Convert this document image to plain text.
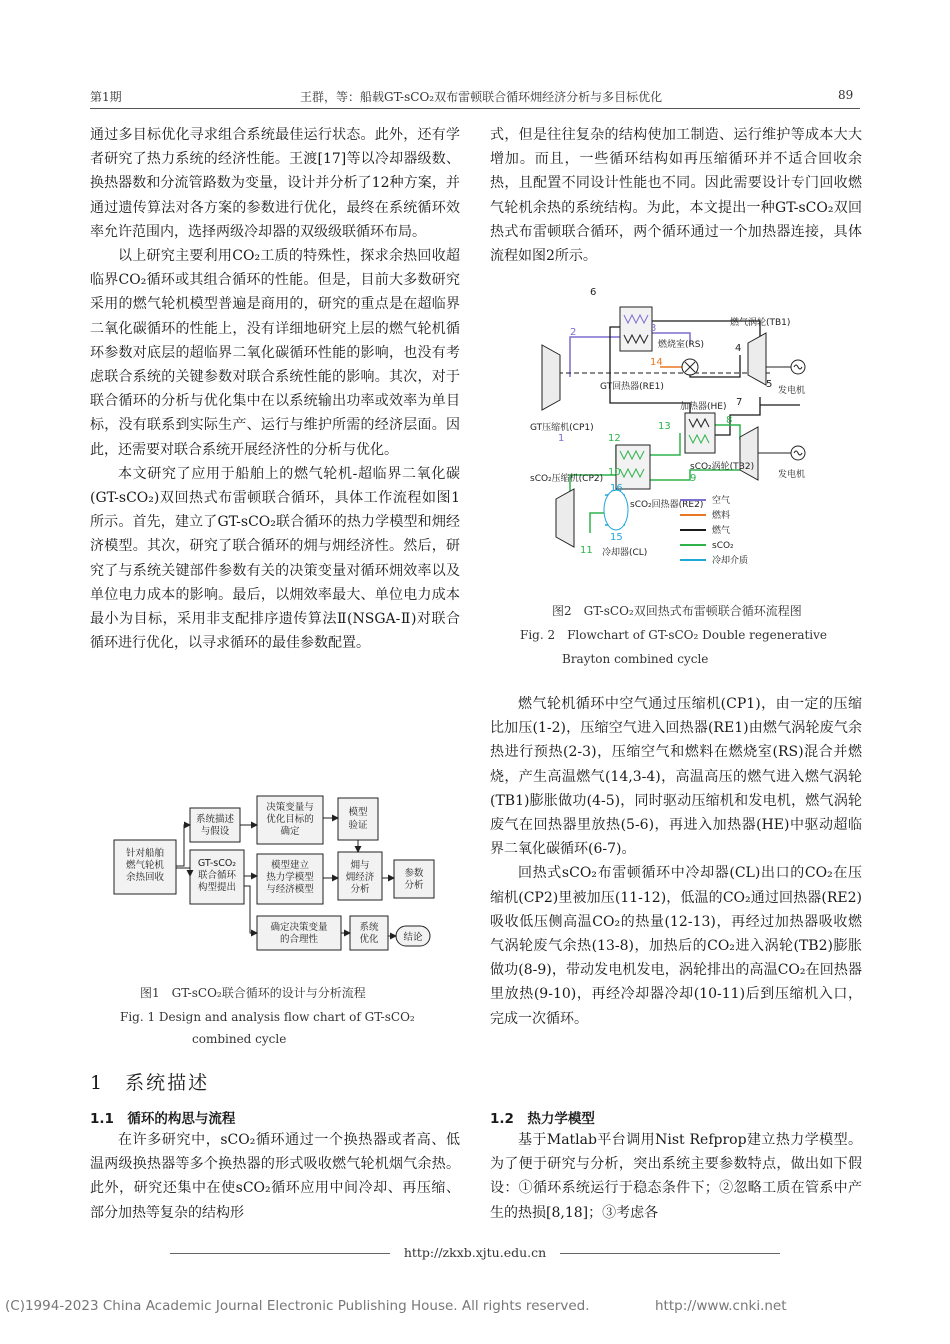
第1期	王群，等：船载GT-sCO₂双布雷顿联合循环㶲经济分析与多目标优化	89

通过多目标优化寻求组合系统最佳运行状态。此外，还有学者研究了热力系统的经济性能。王渡[17]等以冷却器级数、换热器数和分流管路数为变量，设计并分析了12种方案，并通过遗传算法对各方案的参数进行优化，最终在系统循环效率允许范围内，选择两级冷却器的双级级联循环布局。

以上研究主要利用CO₂工质的特殊性，探求余热回收超临界CO₂循环或其组合循环的性能。但是，目前大多数研究采用的燃气轮机模型普遍是商用的，研究的重点是在超临界二氧化碳循环的性能上，没有详细地研究上层的燃气轮机循环参数对底层的超临界二氧化碳循环性能的影响，也没有考虑联合系统的关键参数对联合系统性能的影响。其次，对于联合循环的分析与优化集中在以系统输出功率或效率为单目标，没有联系到实际生产、运行与维护所需的经济层面。因此，还需要对联合系统开展经济性的分析与优化。

本文研究了应用于船舶上的燃气轮机-超临界二氧化碳(GT-sCO₂)双回热式布雷顿联合循环，具体工作流程如图1所示。首先，建立了GT-sCO₂联合循环的热力学模型和㶲经济模型。其次，研究了联合循环的㶲与㶲经济性。然后，研究了与系统关键部件参数有关的决策变量对循环㶲效率以及单位电力成本的影响。最后，以㶲效率最大、单位电力成本最小为目标，采用非支配排序遗传算法Ⅱ(NSGA-Ⅱ)对联合循环进行优化，以寻求循环的最佳参数配置。

针对船舶燃气轮机余热回收
系统描述与假设
GT-sCO₂ 联合循环构型提出
决策变量与优化目标的确定
模型建立热力学模型与经济模型
模型验证
㶲与㶲经济分析
参数分析
确定决策变量的合理性
系统优化	结论
图1　GT-sCO₂联合循环的设计与分析流程
Fig. 1 Design and analysis flow chart of GT-sCO₂
combined cycle
1　系统描述
1.1　循环的构思与流程

在许多研究中，sCO₂循环通过一个换热器或者高、低温两级换热器等多个换热器的形式吸收燃气轮机烟气余热。此外，研究还集中在使sCO₂循环应用中间冷却、再压缩、部分加热等复杂的结构形

式，但是往往复杂的结构使加工制造、运行维护等成本大大增加。而且，一些循环结构如再压缩循环并不适合回收余热，且配置不同设计性能也不同。因此需要设计专门回收燃气轮机余热的系统结构。为此，本文提出一种GT-sCO₂双回热式布雷顿联合循环，两个循环通过一个加热器连接，具体流程如图2所示。

燃烧室(RS)
燃气涡轮(TB1)
GT回热器(RE1)
GT压缩机(CP1)
加热器(HE)
发电机
发电机
sCO₂压缩机(CP2)
sCO₂涡轮(TB2)
sCO₂回热器(RE2)
冷却器(CL)
6
2	3
4
14
5
7
1	12
13
8
9
10
16
15
11
空气
燃料
燃气
sCO₂
冷却介质
图2　GT-sCO₂双回热式布雷顿联合循环流程图
Fig. 2　Flowchart of GT-sCO₂ Double regenerative
Brayton combined cycle

燃气轮机循环中空气通过压缩机(CP1)，由一定的压缩比加压(1-2)，压缩空气进入回热器(RE1)由燃气涡轮废气余热进行预热(2-3)，压缩空气和燃料在燃烧室(RS)混合并燃烧，产生高温燃气(14,3-4)，高温高压的燃气进入燃气涡轮(TB1)膨胀做功(4-5)，同时驱动压缩机和发电机，燃气涡轮废气在回热器里放热(5-6)，再进入加热器(HE)中驱动超临界二氧化碳循环(6-7)。

回热式sCO₂布雷顿循环中冷却器(CL)出口的CO₂在压缩机(CP2)里被加压(11-12)，低温的CO₂通过回热器(RE2)吸收低压侧高温CO₂的热量(12-13)，再经过加热器吸收燃气涡轮废气余热(13-8)，加热后的CO₂进入涡轮(TB2)膨胀做功(8-9)，带动发电机发电，涡轮排出的高温CO₂在回热器里放热(9-10)，再经冷却器冷却(10-11)后到压缩机入口，完成一次循环。

1.2　热力学模型

基于Matlab平台调用Nist Refprop建立热力学模型。为了便于研究与分析，突出系统主要参数特点，做出如下假设：①循环系统运行于稳态条件下；②忽略工质在管系中产生的热损[8,18]；③考虑各

http://zkxb.xjtu.edu.cn
(C)1994-2023 China Academic Journal Electronic Publishing House. All rights reserved.	http://www.cnki.net
